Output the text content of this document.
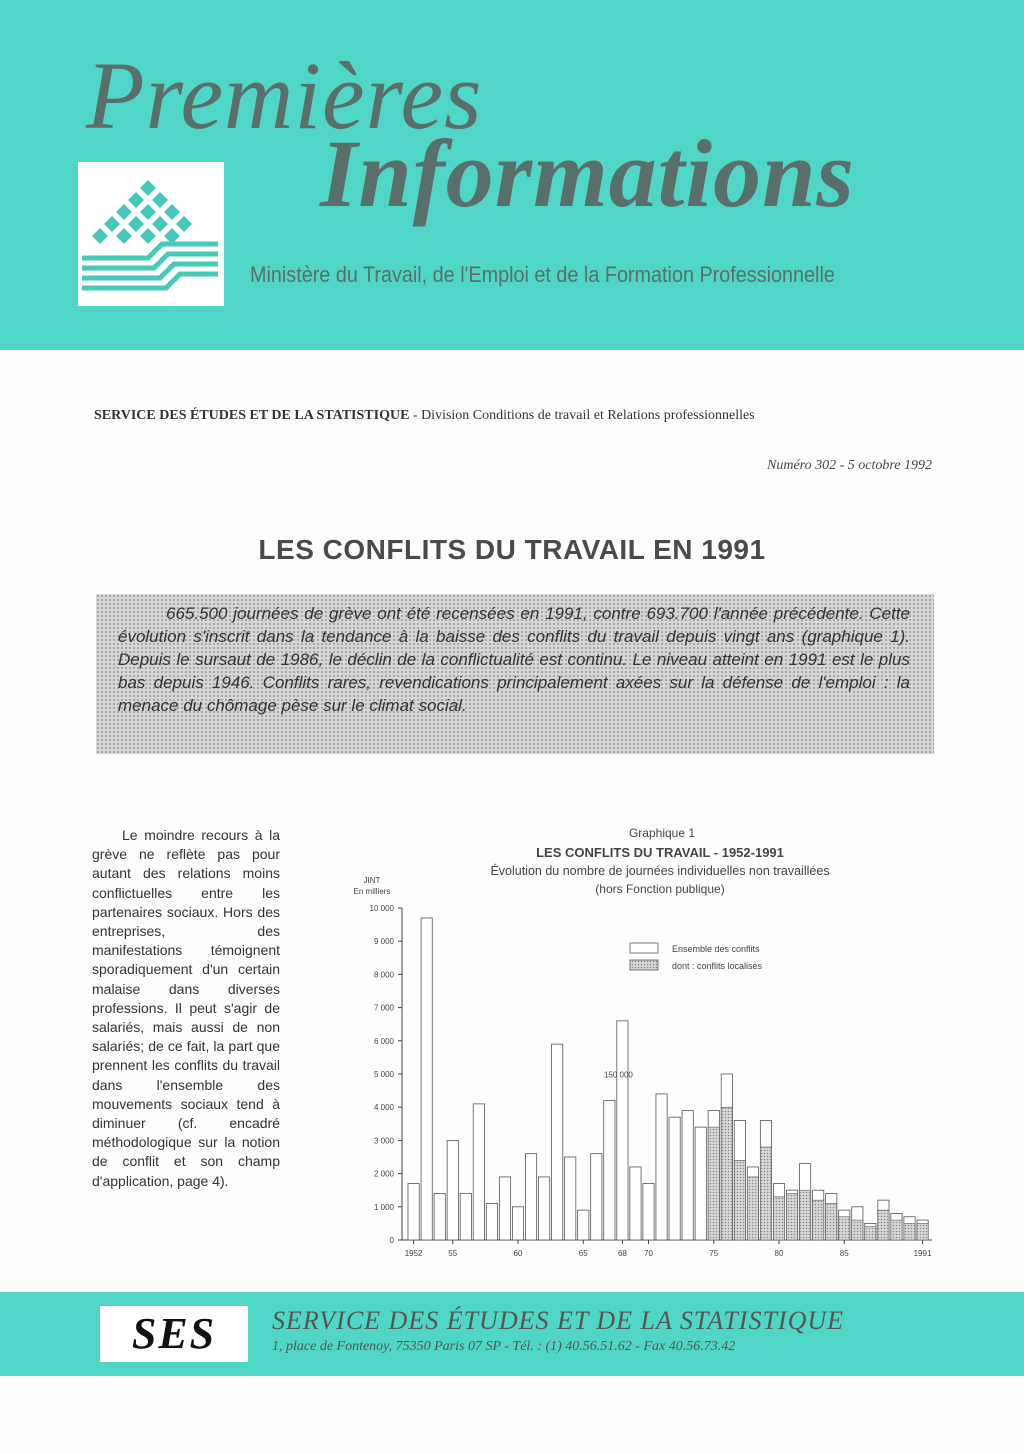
Premières
Informations
Ministère du Travail, de l'Emploi et de la Formation Professionnelle
SERVICE DES ÉTUDES ET DE LA STATISTIQUE - Division Conditions de travail et Relations professionnelles
Numéro 302 - 5 octobre 1992
LES CONFLITS DU TRAVAIL EN 1991
665.500 journées de grève ont été recensées en 1991, contre 693.700 l'année précédente. Cette évolution s'inscrit dans la tendance à la baisse des conflits du travail depuis vingt ans (graphique 1). Depuis le sursaut de 1986, le déclin de la conflictualité est continu. Le niveau atteint en 1991 est le plus bas depuis 1946. Conflits rares, revendications principalement axées sur la défense de l'emploi : la menace du chômage pèse sur le climat social.
Le moindre recours à la grève ne reflète pas pour autant des relations moins conflictuelles entre les partenaires sociaux. Hors des entreprises, des manifestations témoignent sporadiquement d'un certain malaise dans diverses professions. Il peut s'agir de salariés, mais aussi de non salariés; de ce fait, la part que prennent les conflits du travail dans l'ensemble des mouvements sociaux tend à diminuer (cf. encadré méthodologique sur la notion de conflit et son champ d'application, page 4).
Graphique 1
LES CONFLITS DU TRAVAIL - 1952-1991
Évolution du nombre de journées individuelles non travaillées
(hors Fonction publique)
JINT
En milliers
0
1 000
2 000
3 000
4 000
5 000
6 000
7 000
8 000
9 000
10 000
1952	55	60	65	68 70	75	80	85	1991
150 000
Ensemble des conflits
dont : conflits localisés
SES	SERVICE DES ÉTUDES ET DE LA STATISTIQUE
1, place de Fontenoy, 75350 Paris 07 SP - Tél. : (1) 40.56.51.62 - Fax 40.56.73.42
